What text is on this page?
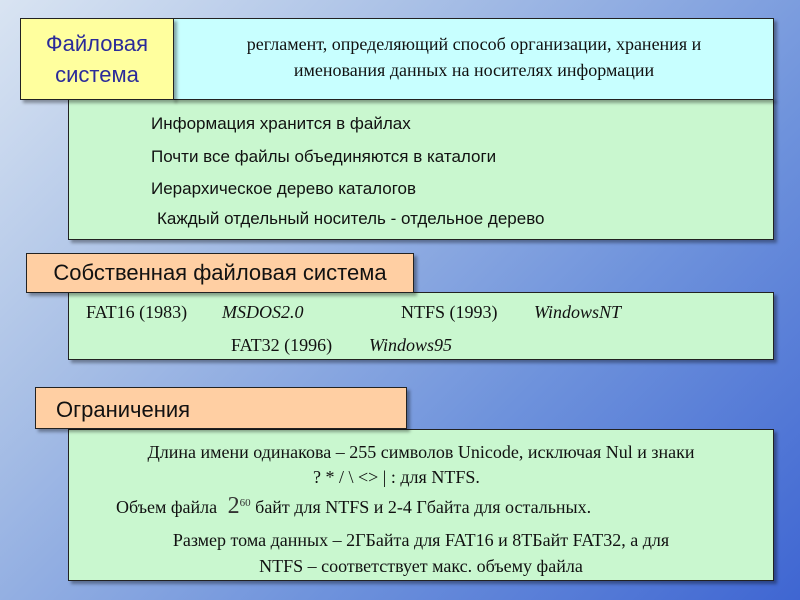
Файловая
система
регламент, определяющий способ организации, хранения и
именования данных на носителях информации
Информация хранится в файлах
Почти все файлы объединяются в каталоги
Иерархическое дерево каталогов
Каждый отдельный носитель - отдельное дерево
Собственная файловая система
FAT16 (1983) MSDOS2.0	NTFS (1993) WindowsNT
FAT32 (1996) Windows95
Ограничения
Длина имени одинакова – 255 символов Unicode, исключая Nul и знаки
? * / \ <> | : для NTFS.
Объем файла $2^{60}$ байт для NTFS и 2-4 Гбайта для остальных.
Размер тома данных – 2ГБайта для FAT16 и 8ТБайт FAT32, а для
NTFS – соответствует макс. объему файла
